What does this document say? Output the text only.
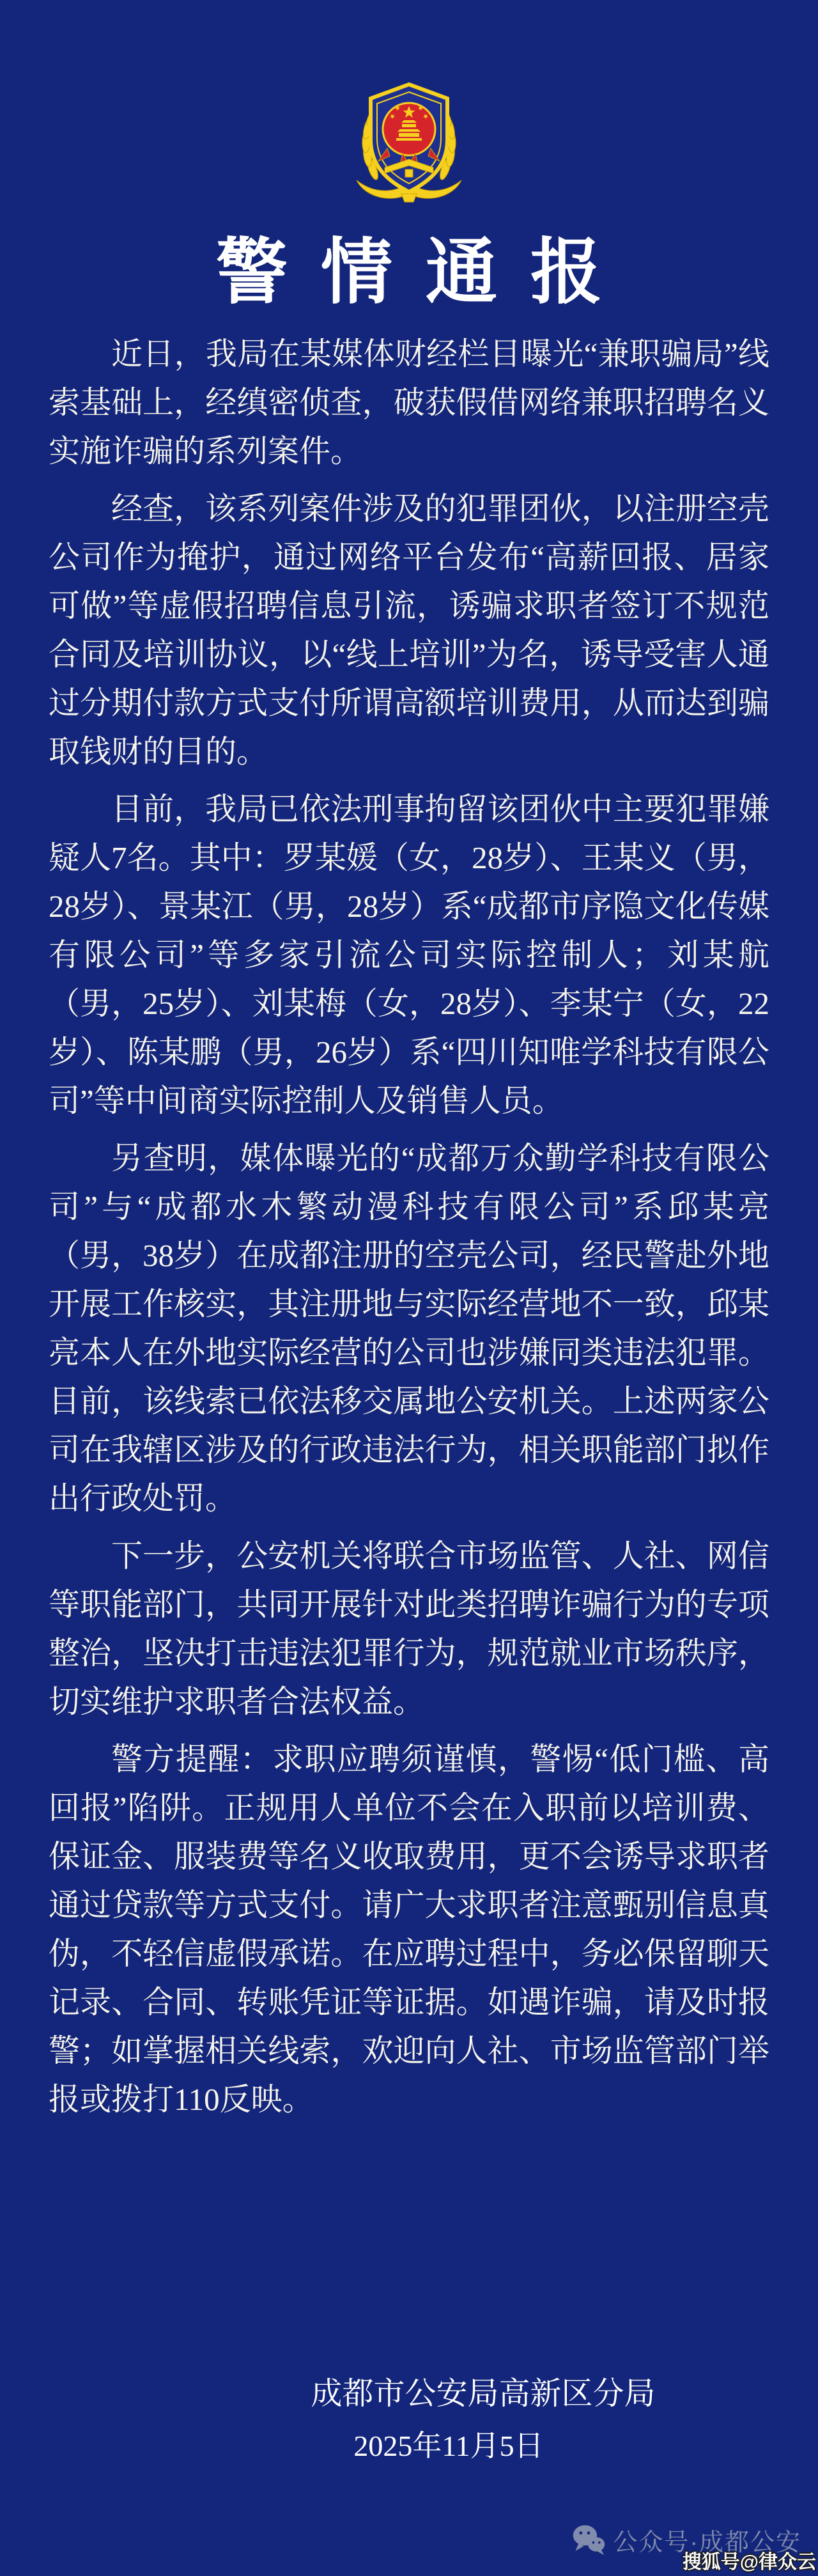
警情通报

近日，我局在某媒体财经栏目曝光“兼职骗局”线索基础上，经缜密侦查，破获假借网络兼职招聘名义实施诈骗的系列案件。

经查，该系列案件涉及的犯罪团伙，以注册空壳公司作为掩护，通过网络平台发布“高薪回报、居家可做”等虚假招聘信息引流，诱骗求职者签订不规范合同及培训协议，以“线上培训”为名，诱导受害人通过分期付款方式支付所谓高额培训费用，从而达到骗取钱财的目的。

目前，我局已依法刑事拘留该团伙中主要犯罪嫌疑人7名。其中：罗某媛（女，28岁）、王某义（男，28岁）、景某江（男，28岁）系“成都市序隐文化传媒有限公司”等多家引流公司实际控制人；刘某航（男，25岁）、刘某梅（女，28岁）、李某宁（女，22岁）、陈某鹏（男，26岁）系“四川知唯学科技有限公司”等中间商实际控制人及销售人员。

另查明，媒体曝光的“成都万众勤学科技有限公司”与“成都水木繁动漫科技有限公司”系邱某亮（男，38岁）在成都注册的空壳公司，经民警赴外地开展工作核实，其注册地与实际经营地不一致，邱某亮本人在外地实际经营的公司也涉嫌同类违法犯罪。目前，该线索已依法移交属地公安机关。上述两家公司在我辖区涉及的行政违法行为，相关职能部门拟作出行政处罚。

下一步，公安机关将联合市场监管、人社、网信等职能部门，共同开展针对此类招聘诈骗行为的专项整治，坚决打击违法犯罪行为，规范就业市场秩序，切实维护求职者合法权益。

警方提醒：求职应聘须谨慎，警惕“低门槛、高回报”陷阱。正规用人单位不会在入职前以培训费、保证金、服装费等名义收取费用，更不会诱导求职者通过贷款等方式支付。请广大求职者注意甄别信息真伪，不轻信虚假承诺。在应聘过程中，务必保留聊天记录、合同、转账凭证等证据。如遇诈骗，请及时报警；如掌握相关线索，欢迎向人社、市场监管部门举报或拨打110反映。

成都市公安局高新区分局
2025年11月5日
公众号·成都公安
搜狐号@律众云
